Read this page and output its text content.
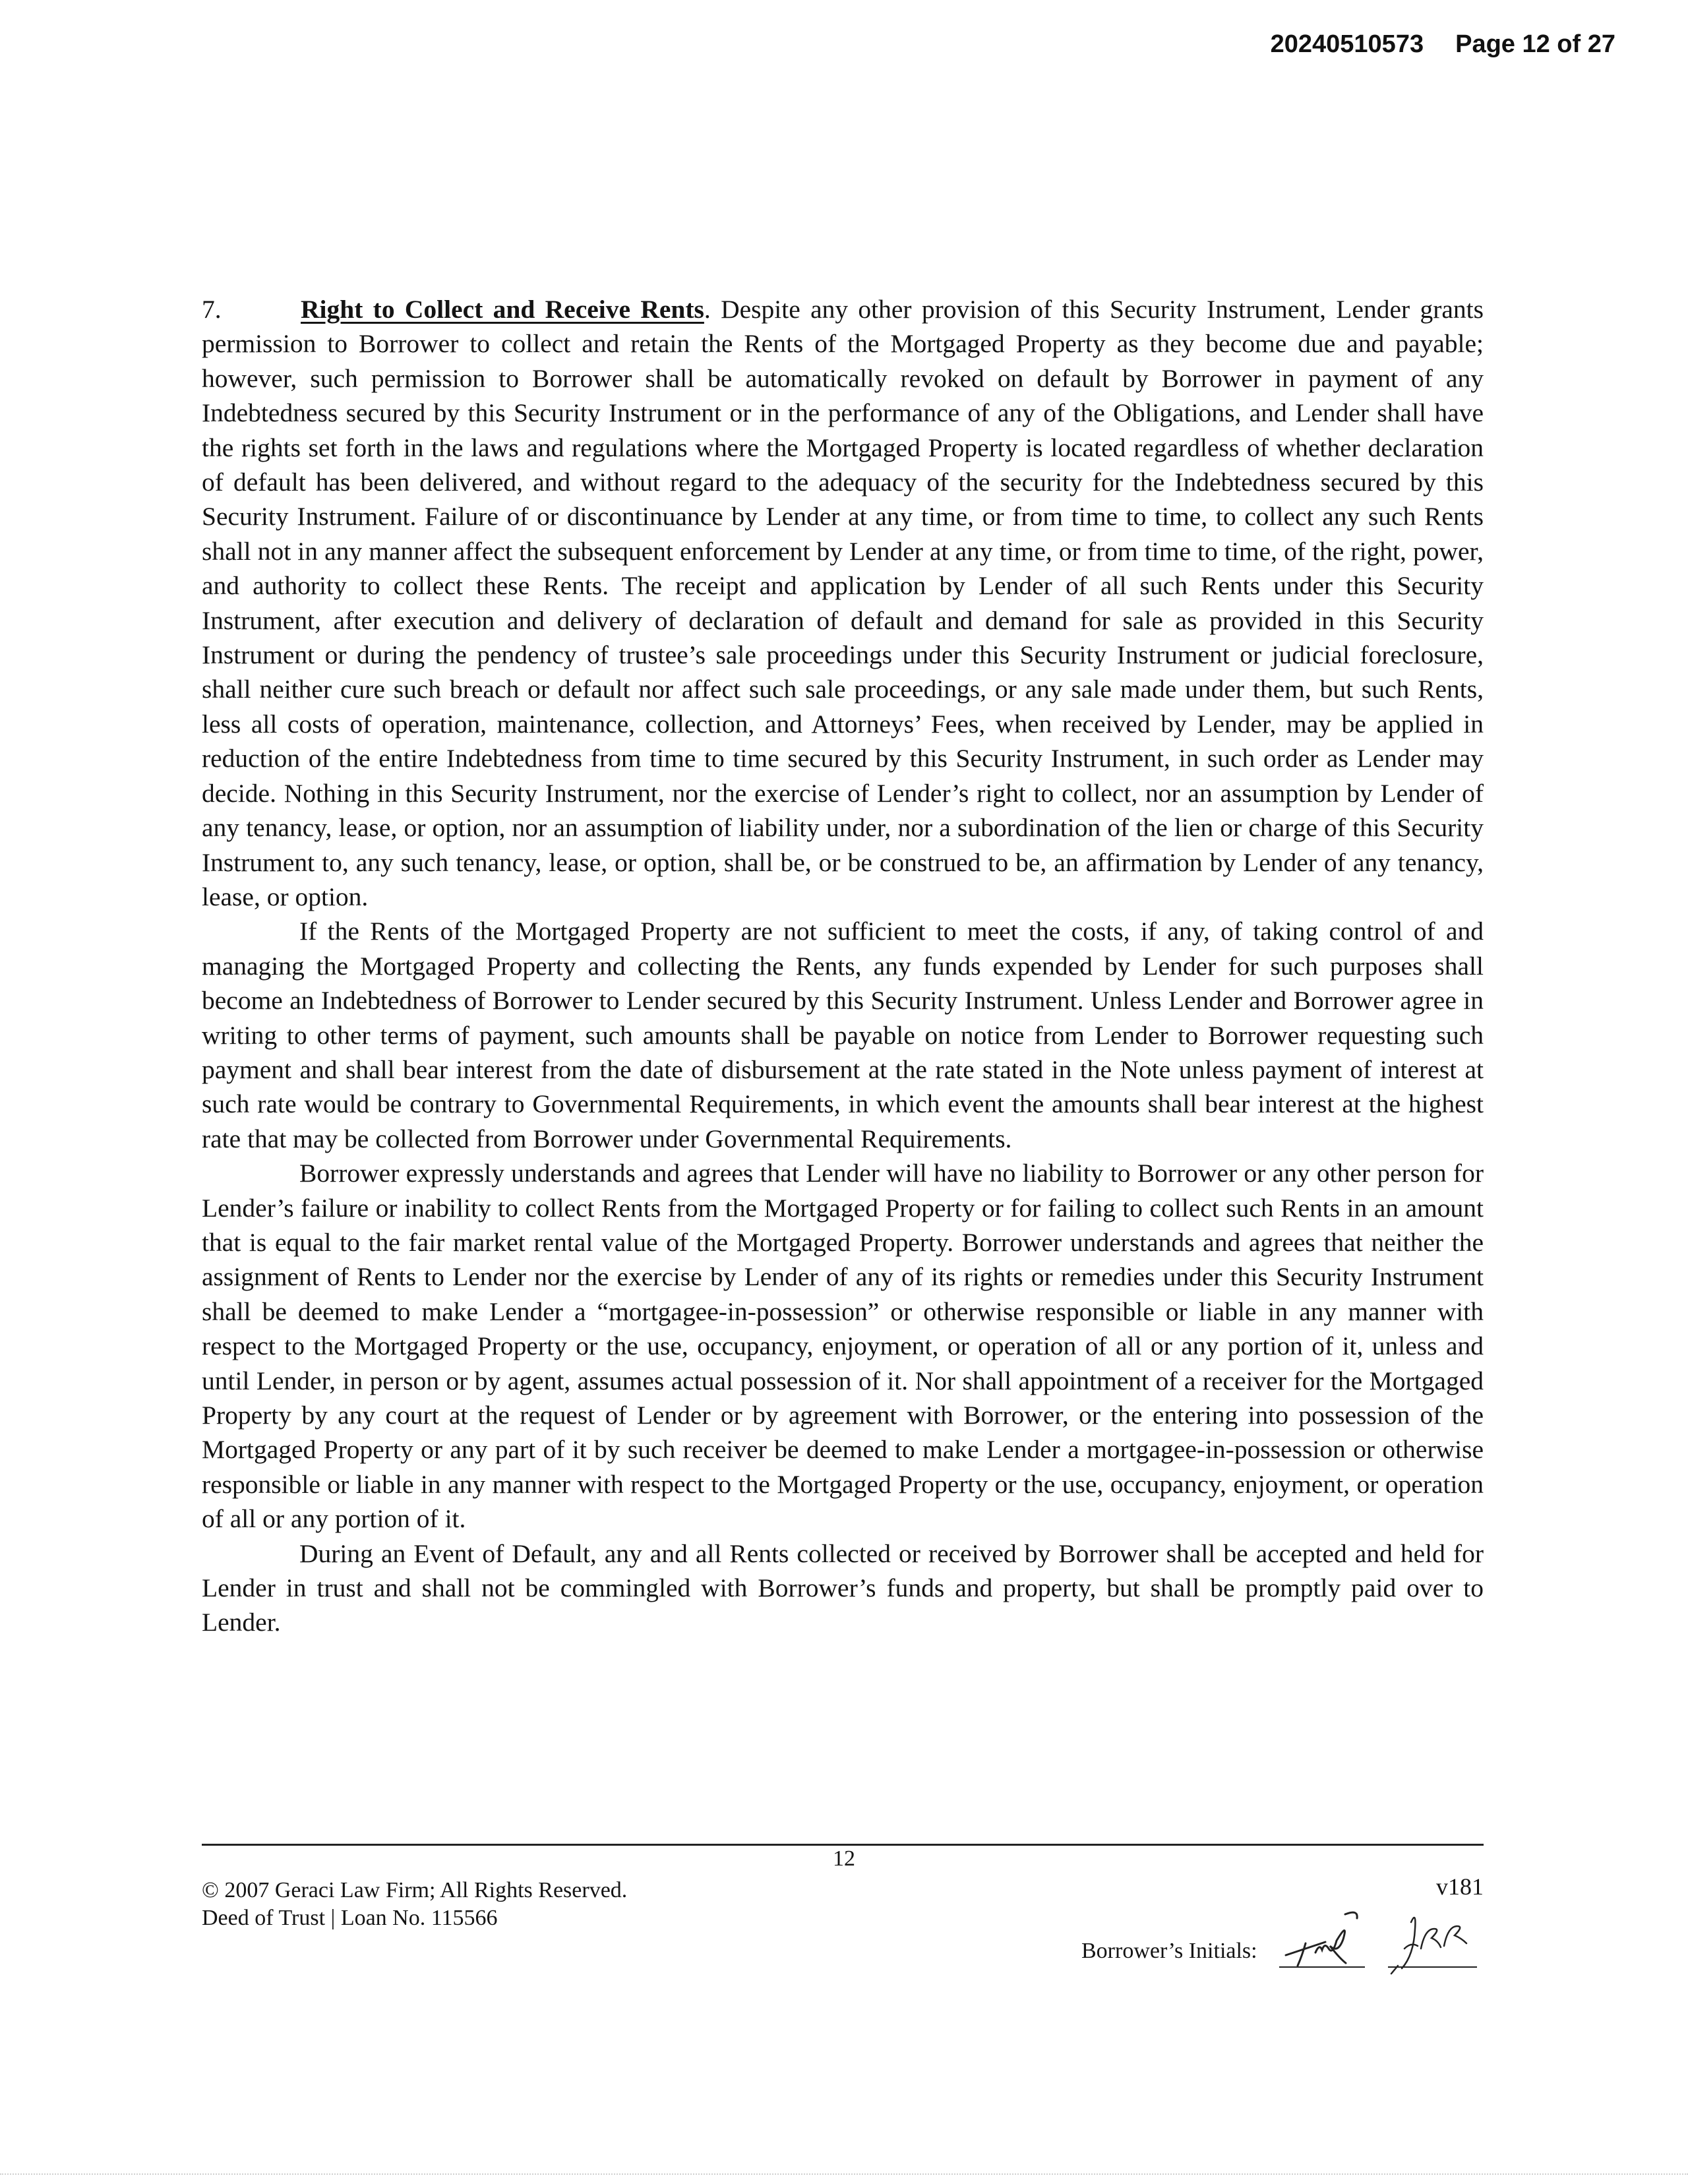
20240510573 Page 12 of 27

7.	Right to Collect and Receive Rents. Despite any other provision of this Security Instrument, Lender grants permission to Borrower to collect and retain the Rents of the Mortgaged Property as they become due and payable; however, such permission to Borrower shall be automatically revoked on default by Borrower in payment of any Indebtedness secured by this Security Instrument or in the performance of any of the Obligations, and Lender shall have the rights set forth in the laws and regulations where the Mortgaged Property is located regardless of whether declaration of default has been delivered, and without regard to the adequacy of the security for the Indebtedness secured by this Security Instrument. Failure of or discontinuance by Lender at any time, or from time to time, to collect any such Rents shall not in any manner affect the subsequent enforcement by Lender at any time, or from time to time, of the right, power, and authority to collect these Rents. The receipt and application by Lender of all such Rents under this Security Instrument, after execution and delivery of declaration of default and demand for sale as provided in this Security Instrument or during the pendency of trustee’s sale proceedings under this Security Instrument or judicial foreclosure, shall neither cure such breach or default nor affect such sale proceedings, or any sale made under them, but such Rents, less all costs of operation, maintenance, collection, and Attorneys’ Fees, when received by Lender, may be applied in reduction of the entire Indebtedness from time to time secured by this Security Instrument, in such order as Lender may decide. Nothing in this Security Instrument, nor the exercise of Lender’s right to collect, nor an assumption by Lender of any tenancy, lease, or option, nor an assumption of liability under, nor a subordination of the lien or charge of this Security Instrument to, any such tenancy, lease, or option, shall be, or be construed to be, an affirmation by Lender of any tenancy, lease, or option.

If the Rents of the Mortgaged Property are not sufficient to meet the costs, if any, of taking control of and managing the Mortgaged Property and collecting the Rents, any funds expended by Lender for such purposes shall become an Indebtedness of Borrower to Lender secured by this Security Instrument. Unless Lender and Borrower agree in writing to other terms of payment, such amounts shall be payable on notice from Lender to Borrower requesting such payment and shall bear interest from the date of disbursement at the rate stated in the Note unless payment of interest at such rate would be contrary to Governmental Requirements, in which event the amounts shall bear interest at the highest rate that may be collected from Borrower under Governmental Requirements.

Borrower expressly understands and agrees that Lender will have no liability to Borrower or any other person for Lender’s failure or inability to collect Rents from the Mortgaged Property or for failing to collect such Rents in an amount that is equal to the fair market rental value of the Mortgaged Property. Borrower understands and agrees that neither the assignment of Rents to Lender nor the exercise by Lender of any of its rights or remedies under this Security Instrument shall be deemed to make Lender a “mortgagee-in-possession” or otherwise responsible or liable in any manner with respect to the Mortgaged Property or the use, occupancy, enjoyment, or operation of all or any portion of it, unless and until Lender, in person or by agent, assumes actual possession of it. Nor shall appointment of a receiver for the Mortgaged Property by any court at the request of Lender or by agreement with Borrower, or the entering into possession of the Mortgaged Property or any part of it by such receiver be deemed to make Lender a mortgagee-in-possession or otherwise responsible or liable in any manner with respect to the Mortgaged Property or the use, occupancy, enjoyment, or operation of all or any portion of it.

During an Event of Default, any and all Rents collected or received by Borrower shall be accepted and held for Lender in trust and shall not be commingled with Borrower’s funds and property, but shall be promptly paid over to Lender.

12
© 2007 Geraci Law Firm; All Rights Reserved.
Deed of Trust | Loan No. 115566
v181
Borrower’s Initials:
